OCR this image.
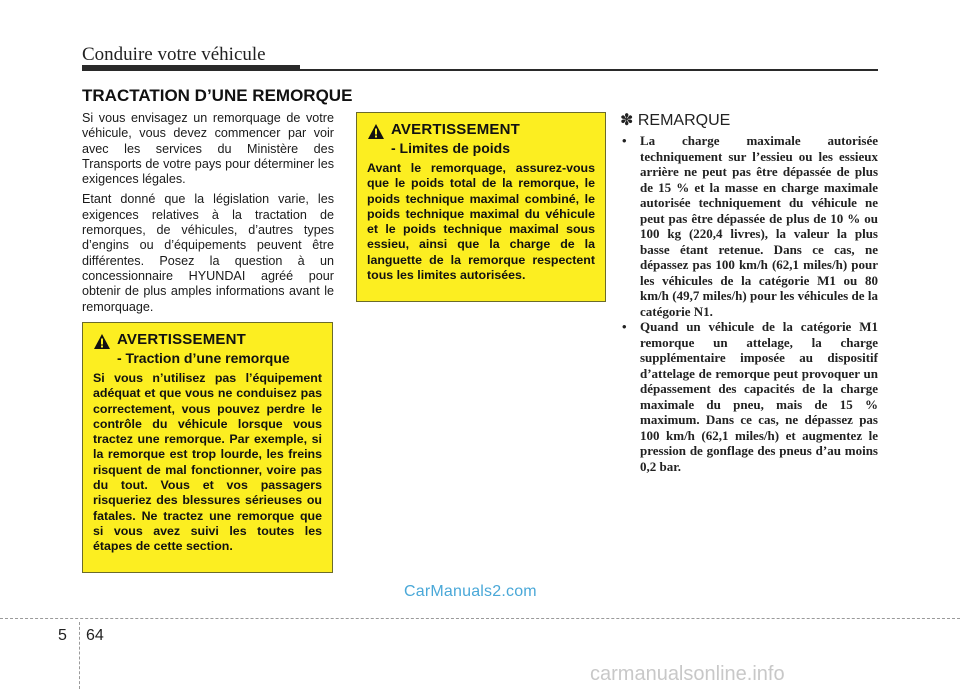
Conduire votre véhicule
TRACTATION D’UNE REMORQUE

Si vous envisagez un remorquage de votre véhicule, vous devez commencer par voir avec les services du Ministère des Transports de votre pays pour déterminer les exigences légales.

Etant donné que la législation varie, les exigences relatives à la tractation de remorques, de véhicules, d’autres types d’engins ou d’équipements peuvent être différentes. Posez la question à un concessionnaire HYUNDAI agréé pour obtenir de plus amples informations avant le remorquage.

AVERTISSEMENT
- Limites de poids
Avant le remorquage, assurez-vous que le poids total de la remorque, le poids technique maximal combiné, le poids technique maximal du véhicule et le poids technique maximal sous essieu, ainsi que la charge de la languette de la remorque respectent tous les limites autorisées.
AVERTISSEMENT
- Traction d’une remorque
Si vous n’utilisez pas l’équipement adéquat et que vous ne conduisez pas correctement, vous pouvez perdre le contrôle du véhicule lorsque vous tractez une remorque. Par exemple, si la remorque est trop lourde, les freins risquent de mal fonctionner, voire pas du tout. Vous et vos passagers risqueriez des blessures sérieuses ou fatales. Ne tractez une remorque que si vous avez suivi les toutes les étapes de cette section.
✽ REMARQUE
• La charge maximale autorisée techniquement sur l’essieu ou les essieux arrière ne peut pas être dépassée de plus de 15 % et la masse en charge maximale autorisée techniquement du véhicule ne peut pas être dépassée de plus de 10 % ou 100 kg (220,4 livres), la valeur la plus basse étant retenue. Dans ce cas, ne dépassez pas 100 km/h (62,1 miles/h) pour les véhicules de la catégorie M1 ou 80 km/h (49,7 miles/h) pour les véhicules de la catégorie N1.
• Quand un véhicule de la catégorie M1 remorque un attelage, la charge supplémentaire imposée au dispositif d’attelage de remorque peut provoquer un dépassement des capacités de la charge maximale du pneu, mais de 15 % maximum. Dans ce cas, ne dépassez pas 100 km/h (62,1 miles/h) et augmentez le pression de gonflage des pneus d’au moins 0,2 bar.
CarManuals2.com
5 64
carmanualsonline.info
